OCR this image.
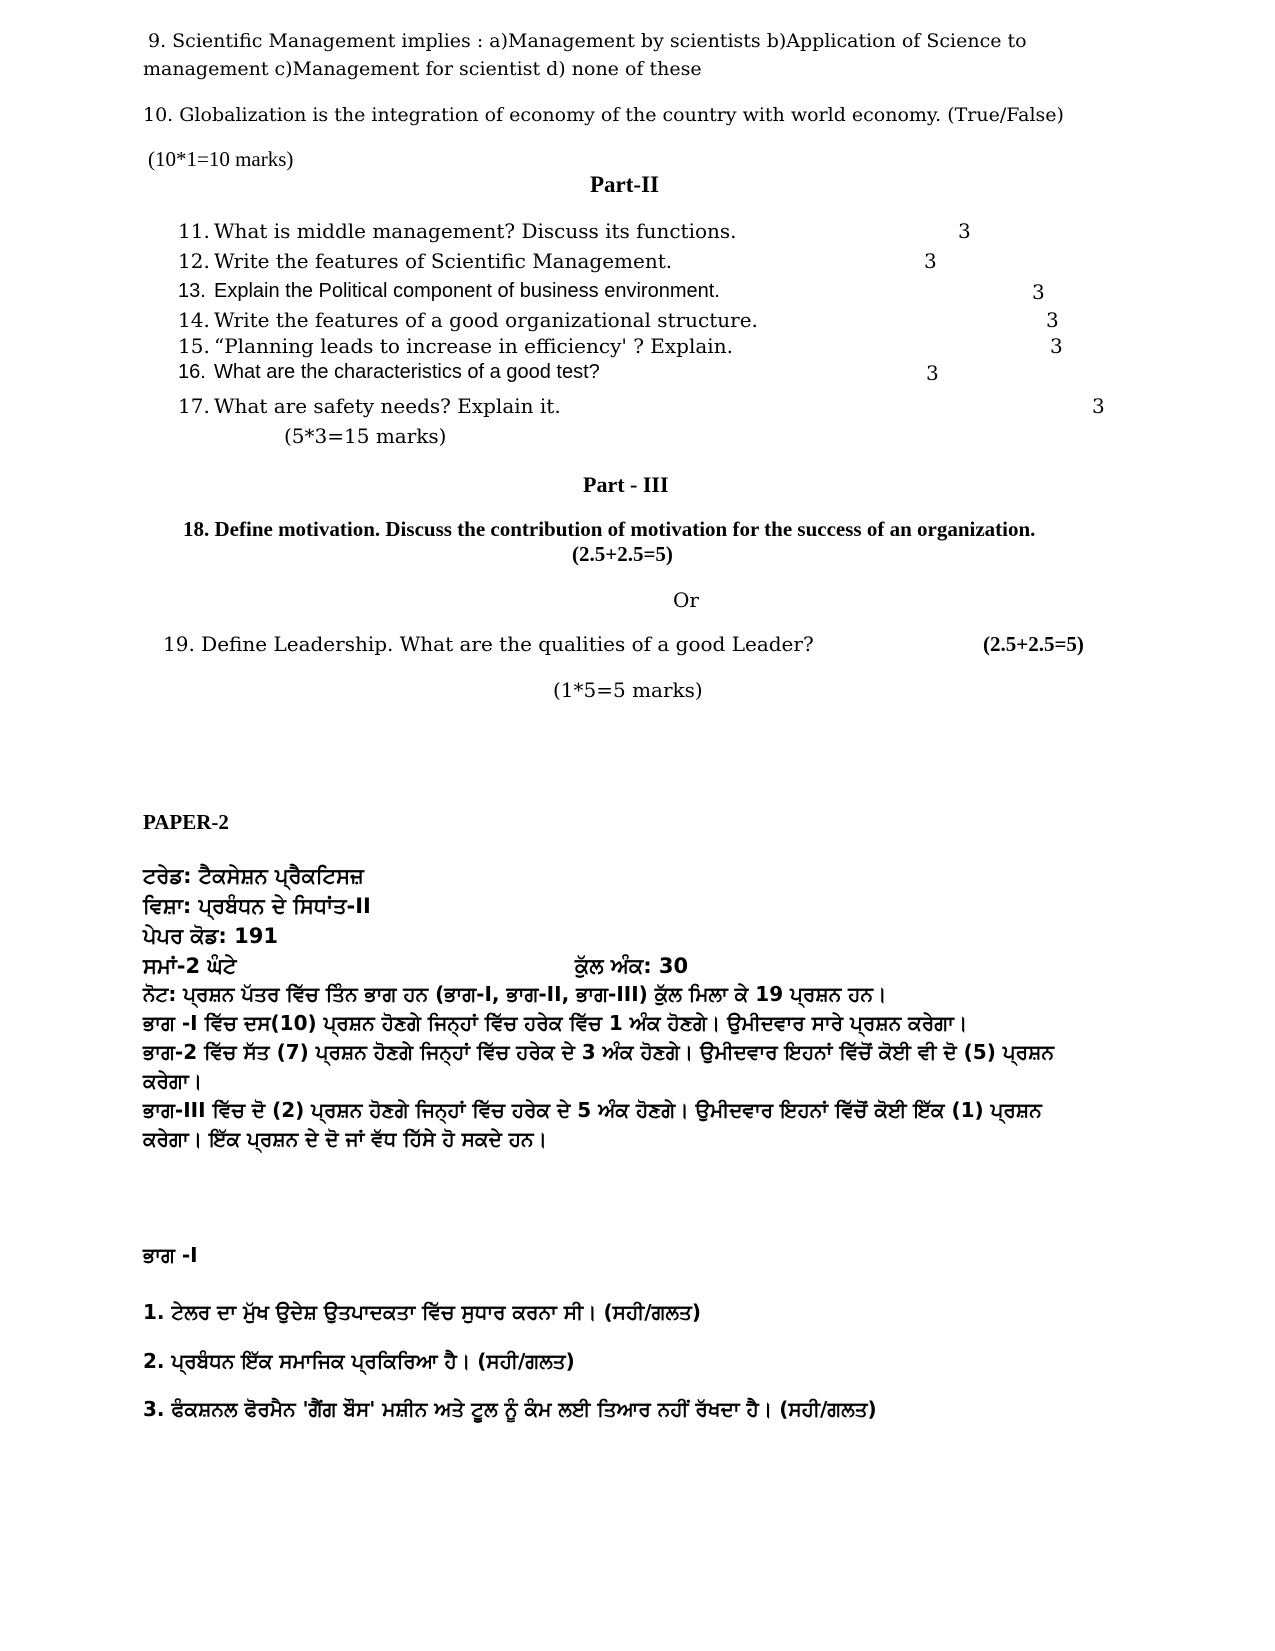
9. Scientific Management implies : a)Management by scientists b)Application of Science to
management c)Management for scientist d) none of these
10. Globalization is the integration of economy of the country with world economy. (True/False)
(10*1=10 marks)
Part-II
11. What is middle management? Discuss its functions.	3
12. Write the features of Scientific Management.	3
13. Explain the Political component of business environment.	3
14. Write the features of a good organizational structure.	3
15. “Planning leads to increase in efficiency' ? Explain.	3
16. What are the characteristics of a good test?	3
17. What are safety needs? Explain it.	3
(5*3=15 marks)
Part - III
18. Define motivation. Discuss the contribution of motivation for the success of an organization.
(2.5+2.5=5)
Or
19. Define Leadership. What are the qualities of a good Leader?	(2.5+2.5=5)
(1*5=5 marks)
PAPER-2
ਟਰੇਡ: ਟੈਕਸੇਸ਼ਨ ਪ੍ਰੈਕਟਿਸਜ਼
ਵਿਸ਼ਾ: ਪ੍ਰਬੰਧਨ ਦੇ ਸਿਧਾਂਤ-II
ਪੇਪਰ ਕੋਡ: 191
ਸਮਾਂ-2 ਘੰਟੇ	ਕੁੱਲ ਅੰਕ: 30
ਨੋਟ: ਪ੍ਰਸ਼ਨ ਪੱਤਰ ਵਿੱਚ ਤਿੰਨ ਭਾਗ ਹਨ (ਭਾਗ-I, ਭਾਗ-II, ਭਾਗ-III) ਕੁੱਲ ਮਿਲਾ ਕੇ 19 ਪ੍ਰਸ਼ਨ ਹਨ।
ਭਾਗ -I ਵਿੱਚ ਦਸ(10) ਪ੍ਰਸ਼ਨ ਹੋਣਗੇ ਜਿਨ੍ਹਾਂ ਵਿੱਚ ਹਰੇਕ ਵਿੱਚ 1 ਅੰਕ ਹੋਣਗੇ। ਉਮੀਦਵਾਰ ਸਾਰੇ ਪ੍ਰਸ਼ਨ ਕਰੇਗਾ।
ਭਾਗ-2 ਵਿੱਚ ਸੱਤ (7) ਪ੍ਰਸ਼ਨ ਹੋਣਗੇ ਜਿਨ੍ਹਾਂ ਵਿੱਚ ਹਰੇਕ ਦੇ 3 ਅੰਕ ਹੋਣਗੇ। ਉਮੀਦਵਾਰ ਇਹਨਾਂ ਵਿੱਚੋਂ ਕੋਈ ਵੀ ਦੋ (5) ਪ੍ਰਸ਼ਨ
ਕਰੇਗਾ।
ਭਾਗ-III ਵਿੱਚ ਦੋ (2) ਪ੍ਰਸ਼ਨ ਹੋਣਗੇ ਜਿਨ੍ਹਾਂ ਵਿੱਚ ਹਰੇਕ ਦੇ 5 ਅੰਕ ਹੋਣਗੇ। ਉਮੀਦਵਾਰ ਇਹਨਾਂ ਵਿੱਚੋਂ ਕੋਈ ਇੱਕ (1) ਪ੍ਰਸ਼ਨ
ਕਰੇਗਾ। ਇੱਕ ਪ੍ਰਸ਼ਨ ਦੇ ਦੋ ਜਾਂ ਵੱਧ ਹਿੱਸੇ ਹੋ ਸਕਦੇ ਹਨ।
ਭਾਗ -I
1. ਟੇਲਰ ਦਾ ਮੁੱਖ ਉਦੇਸ਼ ਉਤਪਾਦਕਤਾ ਵਿੱਚ ਸੁਧਾਰ ਕਰਨਾ ਸੀ। (ਸਹੀ/ਗਲਤ)
2. ਪ੍ਰਬੰਧਨ ਇੱਕ ਸਮਾਜਿਕ ਪ੍ਰਕਿਰਿਆ ਹੈ। (ਸਹੀ/ਗਲਤ)
3. ਫੰਕਸ਼ਨਲ ਫੋਰਮੈਨ 'ਗੈਂਗ ਬੌਸ' ਮਸ਼ੀਨ ਅਤੇ ਟੂਲ ਨੂੰ ਕੰਮ ਲਈ ਤਿਆਰ ਨਹੀਂ ਰੱਖਦਾ ਹੈ। (ਸਹੀ/ਗਲਤ)
